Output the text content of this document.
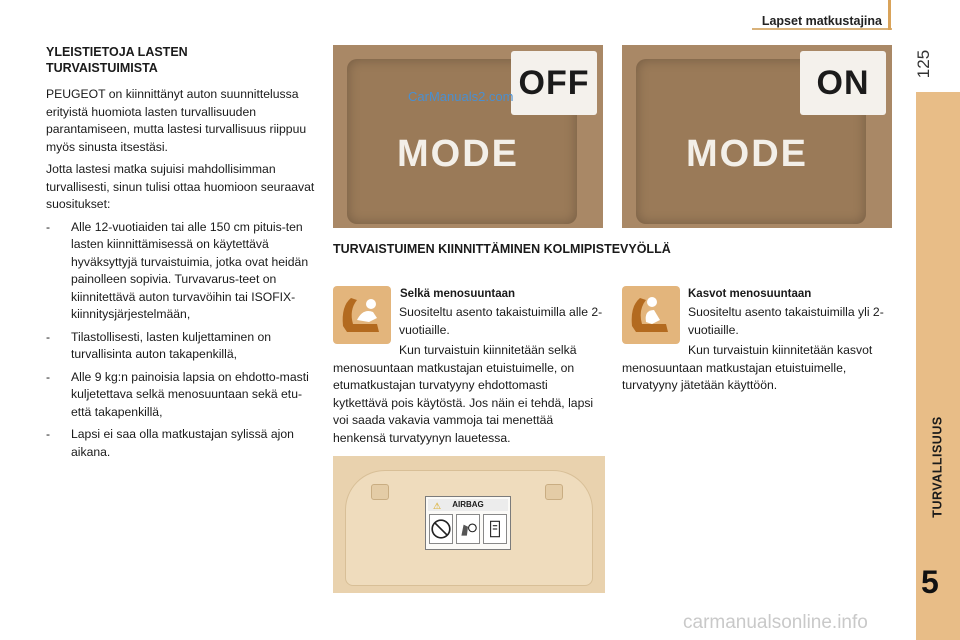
Lapset matkustajina
125
TURVALLISUUS
5
YLEISTIETOJA LASTEN TURVAISTUIMISTA

PEUGEOT on kiinnittänyt auton suunnittelussa erityistä huomiota lasten turvallisuuden parantamiseen, mutta lastesi turvallisuus riippuu myös sinusta itsestäsi.

Jotta lastesi matka sujuisi mahdollisimman turvallisesti, sinun tulisi ottaa huomioon seuraavat suositukset:

- Alle 12-vuotiaiden tai alle 150 cm pituis-ten lasten kiinnittämisessä on käytettävä hyväksyttyjä turvaistuimia, jotka ovat heidän painolleen sopivia. Turvavarus-teet on kiinnitettävä auton turvavöihin tai ISOFIX-kiinnitysjärjestelmään,
- Tilastollisesti, lasten kuljettaminen on turvallisinta auton takapenkillä,
- Alle 9 kg:n painoisia lapsia on ehdotto-masti kuljetettava selkä menosuuntaan sekä etu- että takapenkillä,
- Lapsi ei saa olla matkustajan sylissä ajon aikana.
OFF
MODE
CarManuals2.com	ON
MODE
TURVAISTUIMEN KIINNITTÄMINEN KOLMIPISTEVYÖLLÄ

Selkä menosuuntaan

Suositeltu asento takaistuimilla alle 2-vuotiaille.

Kun turvaistuin kiinnitetään selkä menosuuntaan matkustajan etuistuimelle, on etumatkustajan turvatyyny ehdottomasti kytkettävä pois käytöstä. Jos näin ei tehdä, lapsi voi saada vakavia vammoja tai menettää henkensä turvatyynyn lauetessa.

Kasvot menosuuntaan

Suositeltu asento takaistuimilla yli 2-vuotiaille.

Kun turvaistuin kiinnitetään kasvot menosuuntaan matkustajan etuistuimelle, turvatyyny jätetään käyttöön.

⚠ AIRBAG
carmanualsonline.info
